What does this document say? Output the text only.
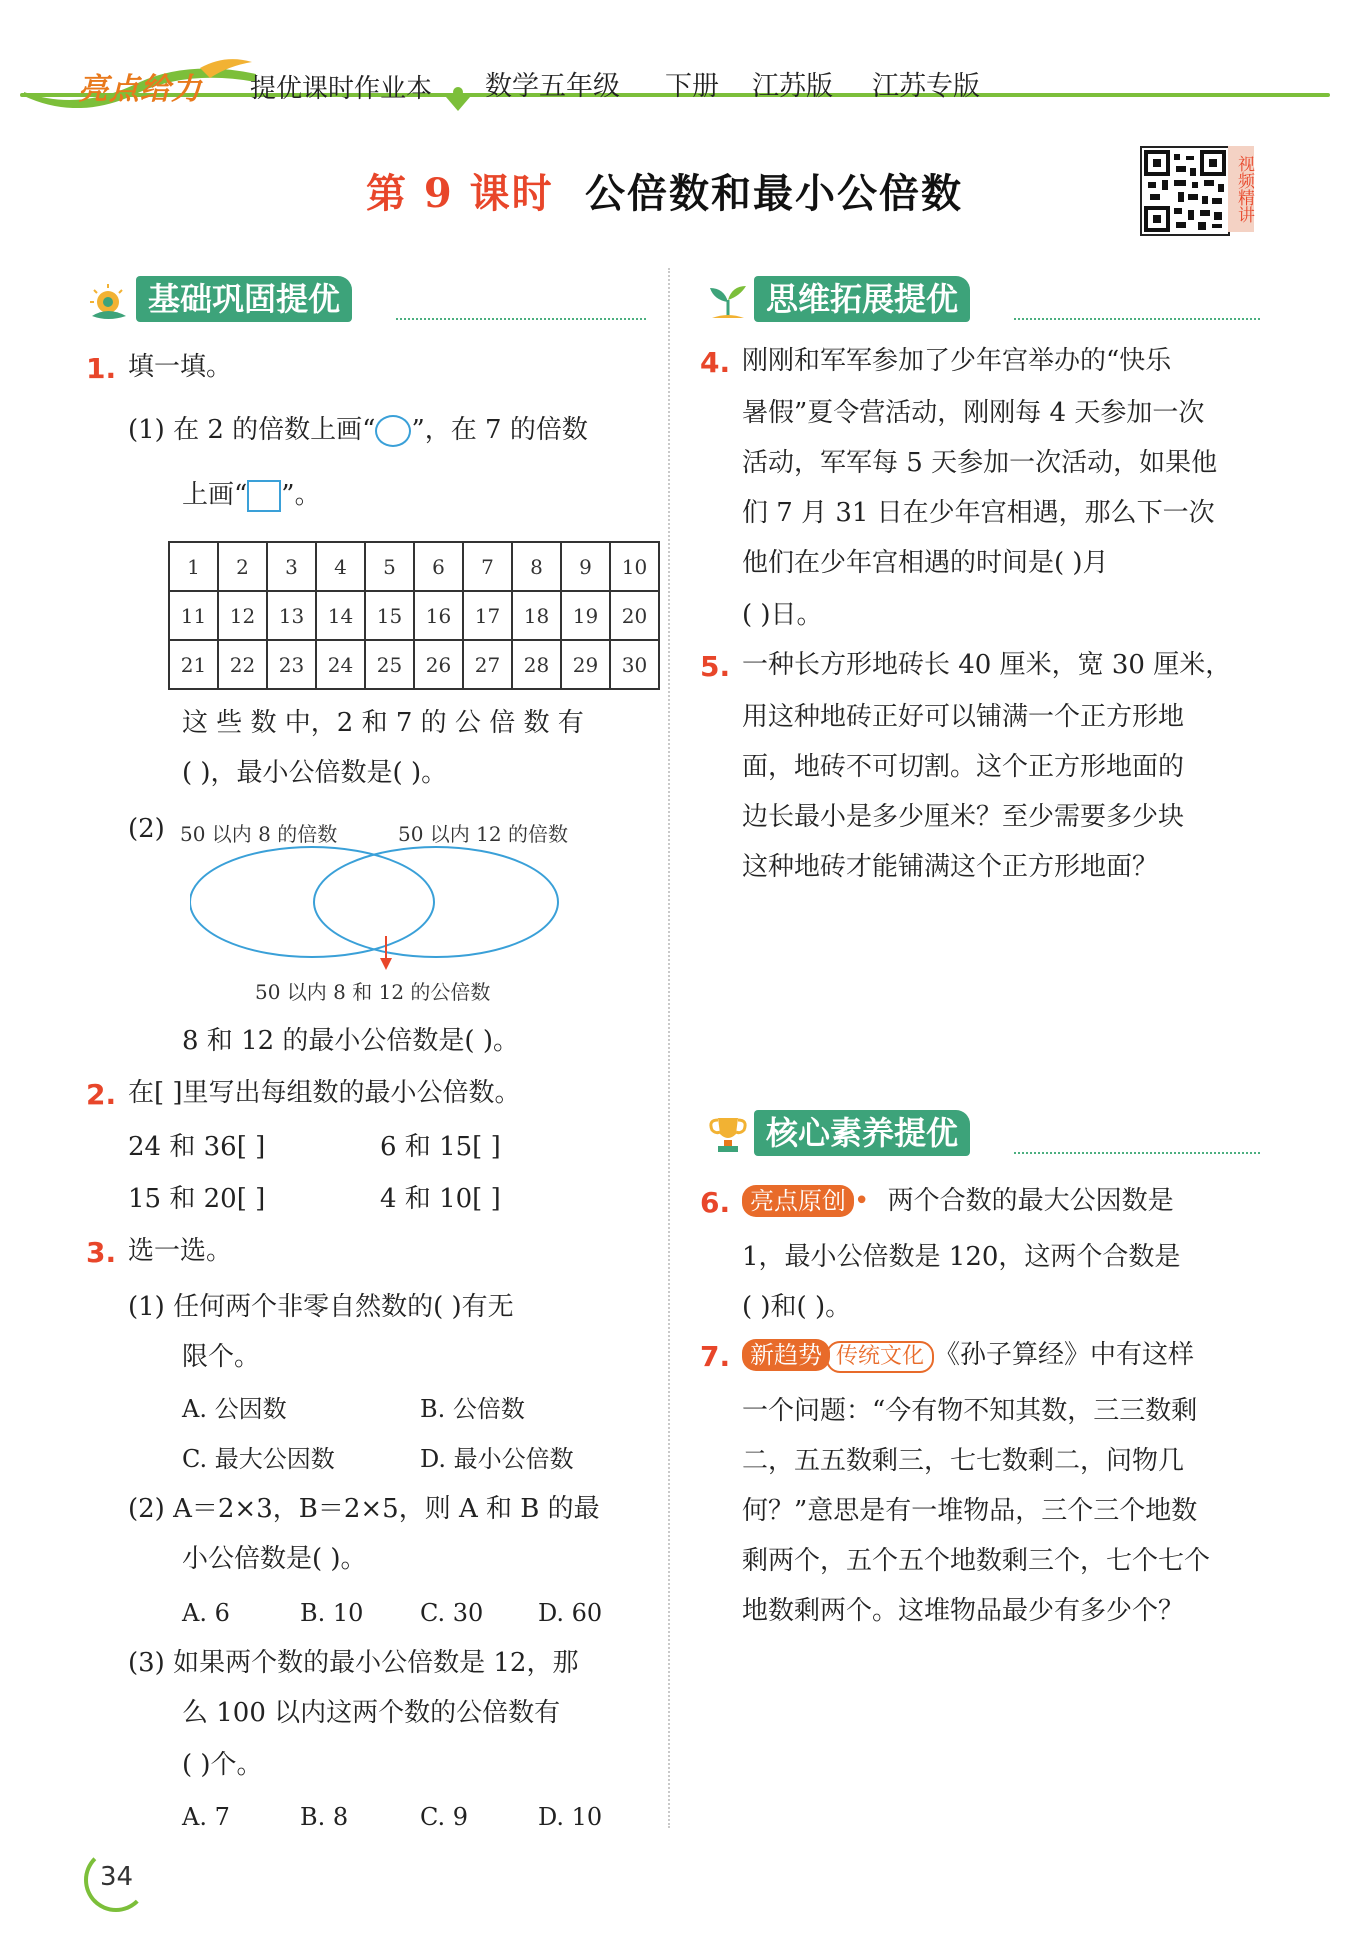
亮点给力 提优课时作业本 数学五年级 下册 江苏版 江苏专版
第 9 课时 公倍数和最小公倍数	视频精讲
基础巩固提优
1. 填一填。
(1) 在 2 的倍数上画“○”，在 7 的倍数
上画“ ”。
1	2	3	4	5	6	7	8	9	10
11	12	13	14	15	16	17	18	19	20
21	22	23	24	25	26	27	28	29	30
这 些 数 中，2 和 7 的 公 倍 数 有
( )，最小公倍数是( )。
(2) 50 以内 8 的倍数	50 以内 12 的倍数
50 以内 8 和 12 的公倍数
8 和 12 的最小公倍数是( )。
2. 在[ ]里写出每组数的最小公倍数。
24 和 36[ ]	6 和 15[ ]
15 和 20[ ]	4 和 10[ ]
3. 选一选。
(1) 任何两个非零自然数的( )有无
限个。
A. 公因数	B. 公倍数
C. 最大公因数	D. 最小公倍数
(2) A＝2×3，B＝2×5，则 A 和 B 的最
小公倍数是( )。
A. 6	B. 10 C. 30 D. 60
(3) 如果两个数的最小公倍数是 12，那
么 100 以内这两个数的公倍数有
( )个。
A. 7	B. 8	C. 9	D. 10
思维拓展提优
4. 刚刚和军军参加了少年宫举办的“快乐
暑假”夏令营活动，刚刚每 4 天参加一次
活动，军军每 5 天参加一次活动，如果他
们 7 月 31 日在少年宫相遇，那么下一次
他们在少年宫相遇的时间是( )月
( )日。
5. 一种长方形地砖长 40 厘米，宽 30 厘米，
用这种地砖正好可以铺满一个正方形地
面，地砖不可切割。这个正方形地面的
边长最小是多少厘米？至少需要多少块
这种地砖才能铺满这个正方形地面？
核心素养提优
6. 亮点原创 • 两个合数的最大公因数是
1，最小公倍数是 120，这两个合数是
( )和( )。
7. 新趋势 传统文化 《孙子算经》中有这样
一个问题：“今有物不知其数，三三数剩
二，五五数剩三，七七数剩二，问物几
何？”意思是有一堆物品，三个三个地数
剩两个，五个五个地数剩三个，七个七个
地数剩两个。这堆物品最少有多少个？
34
